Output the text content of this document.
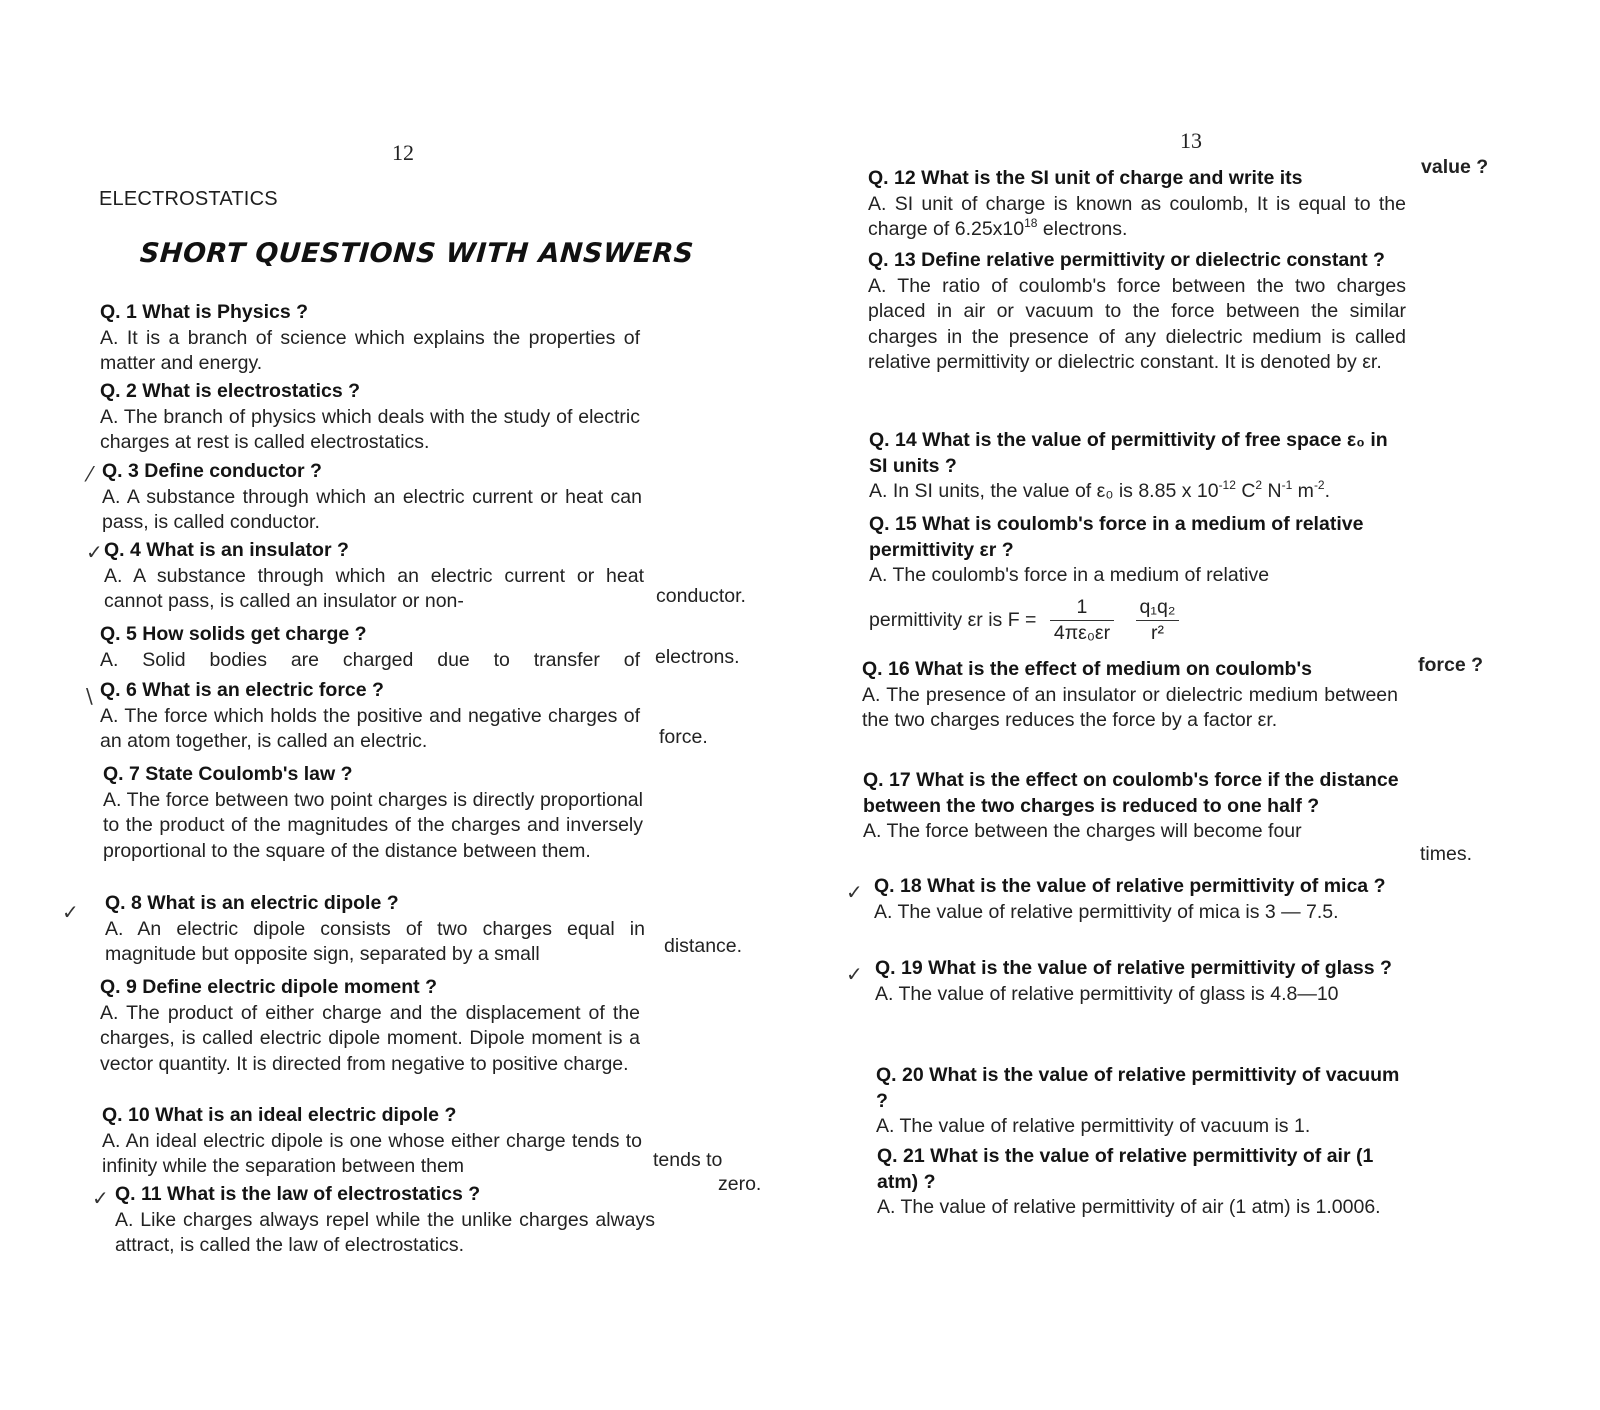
12
ELECTROSTATICS
SHORT QUESTIONS WITH ANSWERS
Q. 1 What is Physics ?
A. It is a branch of science which explains the properties of matter and energy.
Q. 2 What is electrostatics ?
A. The branch of physics which deals with the study of electric charges at rest is called electrostatics.
⁄ Q. 3 Define conductor ?
A. A substance through which an electric current or heat can pass, is called conductor.
✓ Q. 4 What is an insulator ?
A. A substance through which an electric current or heat cannot pass, is called an insulator or non-	conductor.
Q. 5 How solids get charge ?
A. Solid bodies are charged due to transfer of electrons.
\ Q. 6 What is an electric force ?
A. The force which holds the positive and negative charges of an atom together, is called an electric.	force.
Q. 7 State Coulomb's law ?
A. The force between two point charges is directly proportional to the product of the magnitudes of the charges and inversely proportional to the square of the distance between them.
✓ Q. 8 What is an electric dipole ?
A. An electric dipole consists of two charges equal in magnitude but opposite sign, separated by a small	distance.
Q. 9 Define electric dipole moment ?
A. The product of either charge and the displacement of the charges, is called electric dipole moment. Dipole moment is a vector quantity. It is directed from negative to positive charge.
Q. 10 What is an ideal electric dipole ?
A. An ideal electric dipole is one whose either charge tends to infinity while the separation between them	tends to
zero.
✓ Q. 11 What is the law of electrostatics ?
A. Like charges always repel while the unlike charges always attract, is called the law of electrostatics.
13
Q. 12 What is the SI unit of charge and write its
A. SI unit of charge is known as coulomb, It is equal to the charge of $6.25x10^{18}$ electrons.
value ?
Q. 13 Define relative permittivity or dielectric constant ?
A. The ratio of coulomb's force between the two charges placed in air or vacuum to the force between the similar charges in the presence of any dielectric medium is called relative permittivity or dielectric constant. It is denoted by εr.
Q. 14 What is the value of permittivity of free space ε₀ in SI units ?
A. In SI units, the value of ε₀ is 8.85 x $10^{-12}$ $C^2$ $N^{-1}$ $m^{-2}$.
Q. 15 What is coulomb's force in a medium of relative permittivity εr ?
A. The coulomb's force in a medium of relative
permittivity εr is $F = \frac{1}{\text{4πε₀εr}}$
$\frac{\text{q₁q₂}}{\text{r²}}$
Q. 16 What is the effect of medium on coulomb's
A. The presence of an insulator or dielectric medium between the two charges reduces the force by a factor εr.
force ?
Q. 17 What is the effect on coulomb's force if the distance between the two charges is reduced to one half ?
A. The force between the charges will become four
times.
✓ Q. 18 What is the value of relative permittivity of mica ?
A. The value of relative permittivity of mica is 3 — 7.5.
✓ Q. 19 What is the value of relative permittivity of glass ?
A. The value of relative permittivity of glass is 4.8—10
Q. 20 What is the value of relative permittivity of vacuum ?
A. The value of relative permittivity of vacuum is 1.
Q. 21 What is the value of relative permittivity of air (1 atm) ?
A. The value of relative permittivity of air (1 atm) is 1.0006.
